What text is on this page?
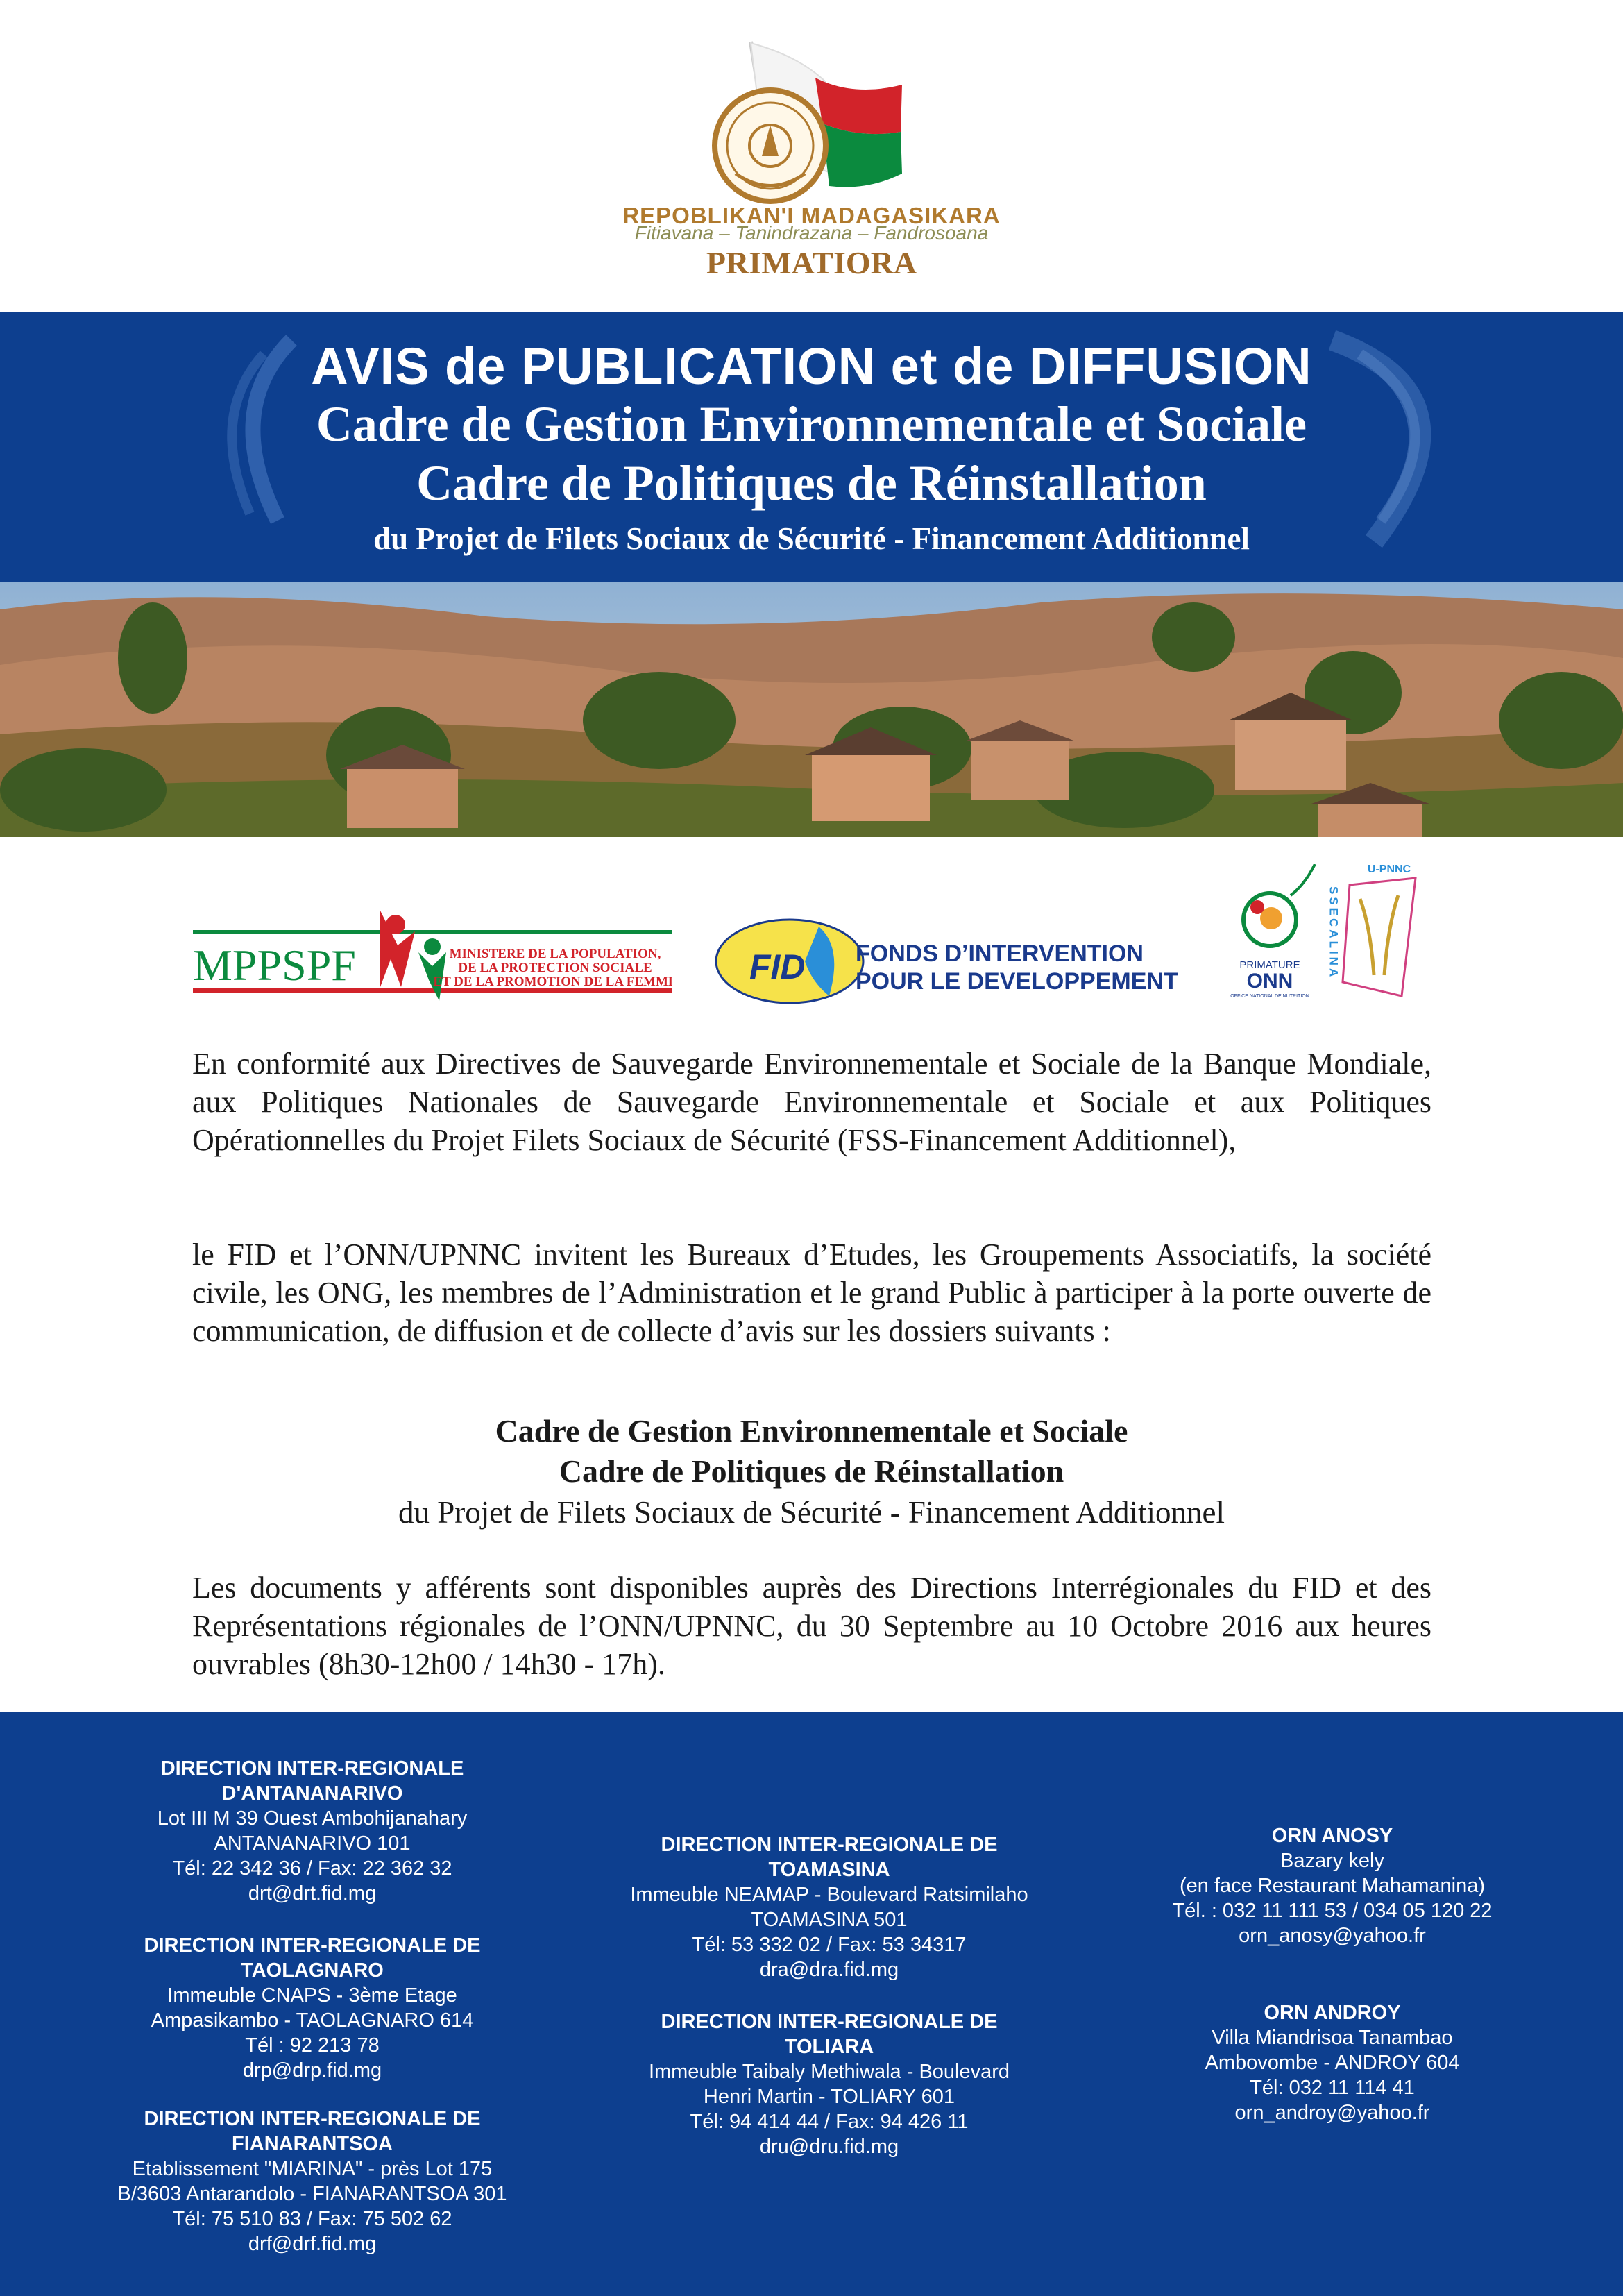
REPOBLIKAN'I MADAGASIKARA
Fitiavana – Tanindrazana – Fandrosoana
PRIMATIORA
AVIS de PUBLICATION et de DIFFUSION
Cadre de Gestion Environnementale et Sociale
Cadre de Politiques de Réinstallation
du Projet de Filets Sociaux de Sécurité - Financement Additionnel
MPPSPF	MINISTERE DE LA POPULATION,
DE LA PROTECTION SOCIALE
ET DE LA PROMOTION DE LA FEMME FID FONDS D’INTERVENTION
POUR LE DEVELOPPEMENT
PRIMATURE
ONN
OFFICE NATIONAL DE NUTRITION
U-PNNC
SSECALINA
En conformité aux Directives de Sauvegarde Environnementale et Sociale de la Banque Mondiale, aux Politiques Nationales de Sauvegarde Environnementale et Sociale et aux Politiques Opérationnelles du Projet Filets Sociaux de Sécurité (FSS-Financement Additionnel),
le FID et l’ONN/UPNNC invitent les Bureaux d’Etudes, les Groupements Associatifs, la société civile, les ONG, les membres de l’Administration et le grand Public à participer à la porte ouverte de communication, de diffusion et de collecte d’avis sur les dossiers suivants :
Cadre de Gestion Environnementale et Sociale
Cadre de Politiques de Réinstallation
du Projet de Filets Sociaux de Sécurité - Financement Additionnel
Les documents y afférents sont disponibles auprès des Directions Interrégionales du FID et des Représentations régionales de l’ONN/UPNNC, du 30 Septembre au 10 Octobre 2016 aux heures ouvrables (8h30-12h00 / 14h30 - 17h).
DIRECTION INTER-REGIONALE
D'ANTANANARIVO
Lot III M 39 Ouest Ambohijanahary
ANTANANARIVO 101
Tél: 22 342 36 / Fax: 22 362 32
drt@drt.fid.mg
DIRECTION INTER-REGIONALE DE
TAOLAGNARO
Immeuble CNAPS - 3ème Etage
Ampasikambo - TAOLAGNARO 614
Tél : 92 213 78
drp@drp.fid.mg
DIRECTION INTER-REGIONALE DE
FIANARANTSOA
Etablissement "MIARINA" - près Lot 175
B/3603 Antarandolo - FIANARANTSOA 301
Tél: 75 510 83 / Fax: 75 502 62
drf@drf.fid.mg
DIRECTION INTER-REGIONALE DE
TOAMASINA
Immeuble NEAMAP - Boulevard Ratsimilaho
TOAMASINA 501
Tél: 53 332 02 / Fax: 53 34317
dra@dra.fid.mg
DIRECTION INTER-REGIONALE DE
TOLIARA
Immeuble Taibaly Methiwala - Boulevard
Henri Martin - TOLIARY 601
Tél: 94 414 44 / Fax: 94 426 11
dru@dru.fid.mg
ORN ANOSY
Bazary kely
(en face Restaurant Mahamanina)
Tél. : 032 11 111 53 / 034 05 120 22
orn_anosy@yahoo.fr
ORN ANDROY
Villa Miandrisoa Tanambao
Ambovombe - ANDROY 604
Tél: 032 11 114 41
orn_androy@yahoo.fr
